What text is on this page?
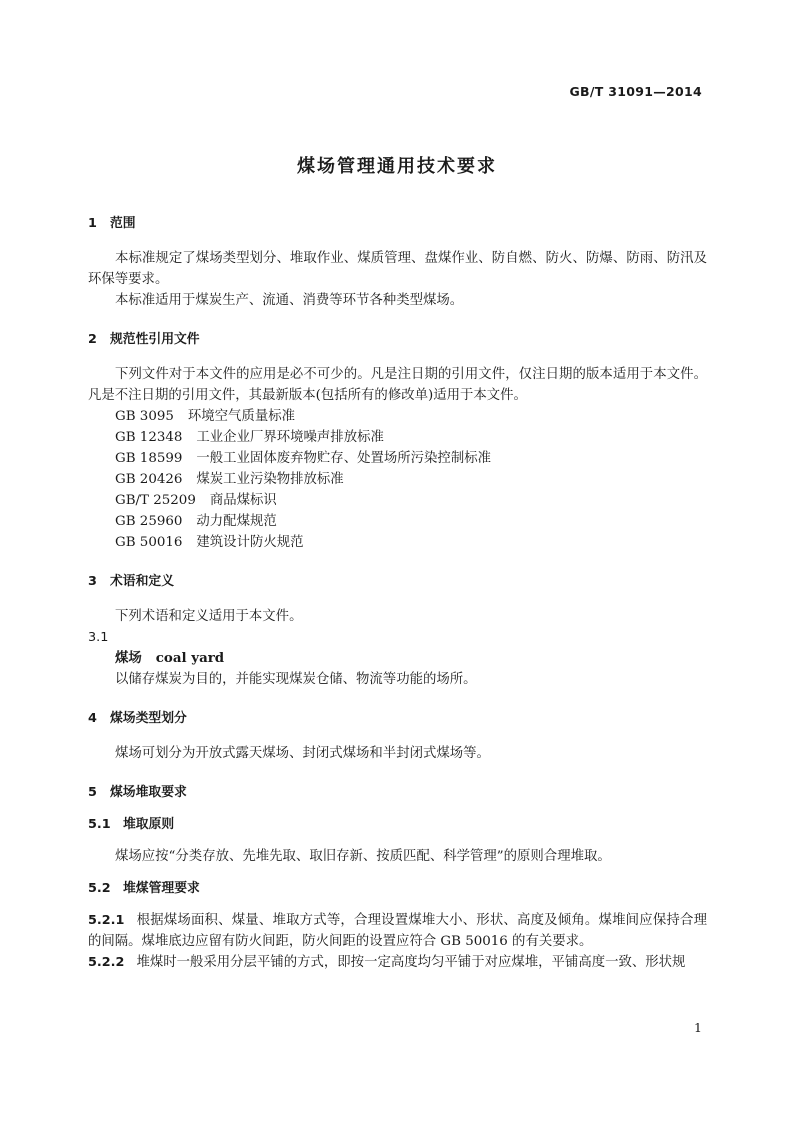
GB/T 31091—2014
煤场管理通用技术要求
1	范围

本标准规定了煤场类型划分、堆取作业、煤质管理、盘煤作业、防自燃、防火、防爆、防雨、防汛及环保等要求。

本标准适用于煤炭生产、流通、消费等环节各种类型煤场。

2	规范性引用文件

下列文件对于本文件的应用是必不可少的。凡是注日期的引用文件，仅注日期的版本适用于本文件。凡是不注日期的引用文件，其最新版本(包括所有的修改单)适用于本文件。

GB 3095 环境空气质量标准
GB 12348 工业企业厂界环境噪声排放标准
GB 18599 一般工业固体废弃物贮存、处置场所污染控制标准
GB 20426 煤炭工业污染物排放标准
GB/T 25209 商品煤标识
GB 25960 动力配煤规范
GB 50016 建筑设计防火规范
3	术语和定义

下列术语和定义适用于本文件。

3.1
煤场 coal yard

以储存煤炭为目的，并能实现煤炭仓储、物流等功能的场所。

4	煤场类型划分

煤场可划分为开放式露天煤场、封闭式煤场和半封闭式煤场等。

5	煤场堆取要求
5.1 堆取原则

煤场应按“分类存放、先堆先取、取旧存新、按质匹配、科学管理”的原则合理堆取。

5.2 堆煤管理要求

5.2.1 根据煤场面积、煤量、堆取方式等，合理设置煤堆大小、形状、高度及倾角。煤堆间应保持合理的间隔。煤堆底边应留有防火间距，防火间距的设置应符合 GB 50016 的有关要求。

5.2.2 堆煤时一般采用分层平铺的方式，即按一定高度均匀平铺于对应煤堆，平铺高度一致、形状规

1
